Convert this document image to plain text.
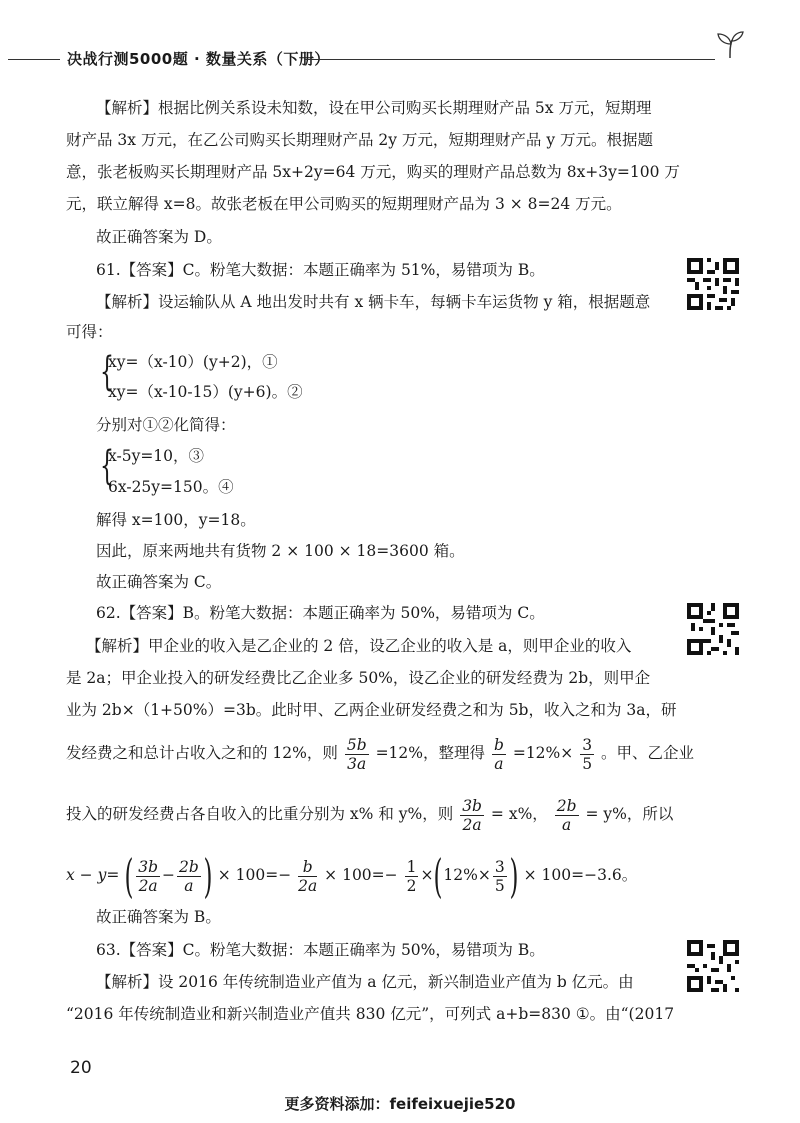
决战行测5000题 · 数量关系（下册）
【解析】根据比例关系设未知数，设在甲公司购买长期理财产品 5x 万元，短期理
财产品 3x 万元，在乙公司购买长期理财产品 2y 万元，短期理财产品 y 万元。根据题
意，张老板购买长期理财产品 5x+2y=64 万元，购买的理财产品总数为 8x+3y=100 万
元，联立解得 x=8。故张老板在甲公司购买的短期理财产品为 3 × 8=24 万元。
故正确答案为 D。
61.【答案】C。粉笔大数据：本题正确率为 51%，易错项为 B。
【解析】设运输队从 A 地出发时共有 x 辆卡车，每辆卡车运货物 y 箱，根据题意
可得：
{
xy=（x-10）(y+2)，①
xy=（x-10-15）(y+6)。②
分别对①②化简得：
{
x-5y=10，③
6x-25y=150。④
解得 x=100，y=18。
因此，原来两地共有货物 2 × 100 × 18=3600 箱。
故正确答案为 C。
62.【答案】B。粉笔大数据：本题正确率为 50%，易错项为 C。
【解析】甲企业的收入是乙企业的 2 倍，设乙企业的收入是 a，则甲企业的收入
是 2a；甲企业投入的研发经费比乙企业多 50%，设乙企业的研发经费为 2b，则甲企
业为 2b×（1+50%）=3b。此时甲、乙两企业研发经费之和为 5b，收入之和为 3a，研
发经费之和总计占收入之和的 12%，则 $\frac{5b}{3a} =12\%$，整理得 $\frac{b}{a} =12\%\times \frac{3}{5}$ 。甲、乙企业
投入的研发经费占各自收入的比重分别为 x% 和 y%，则 $\frac{3b}{2a} = x\%$， $\frac{2b}{a} = y\%$，所以
x − y= ( $\frac{3b}{2a} - \frac{2b}{a}$ ) × $100=- \frac{b}{2a} \times 100=- \frac{1}{2} \times(12\%\times \frac{3}{5}$ ) × 100=−3.6。
故正确答案为 B。
63.【答案】C。粉笔大数据：本题正确率为 50%，易错项为 B。
【解析】设 2016 年传统制造业产值为 a 亿元，新兴制造业产值为 b 亿元。由
“2016 年传统制造业和新兴制造业产值共 830 亿元”，可列式 a+b=830 ①。由“(2017
20
更多资料添加：feifeixuejie520
